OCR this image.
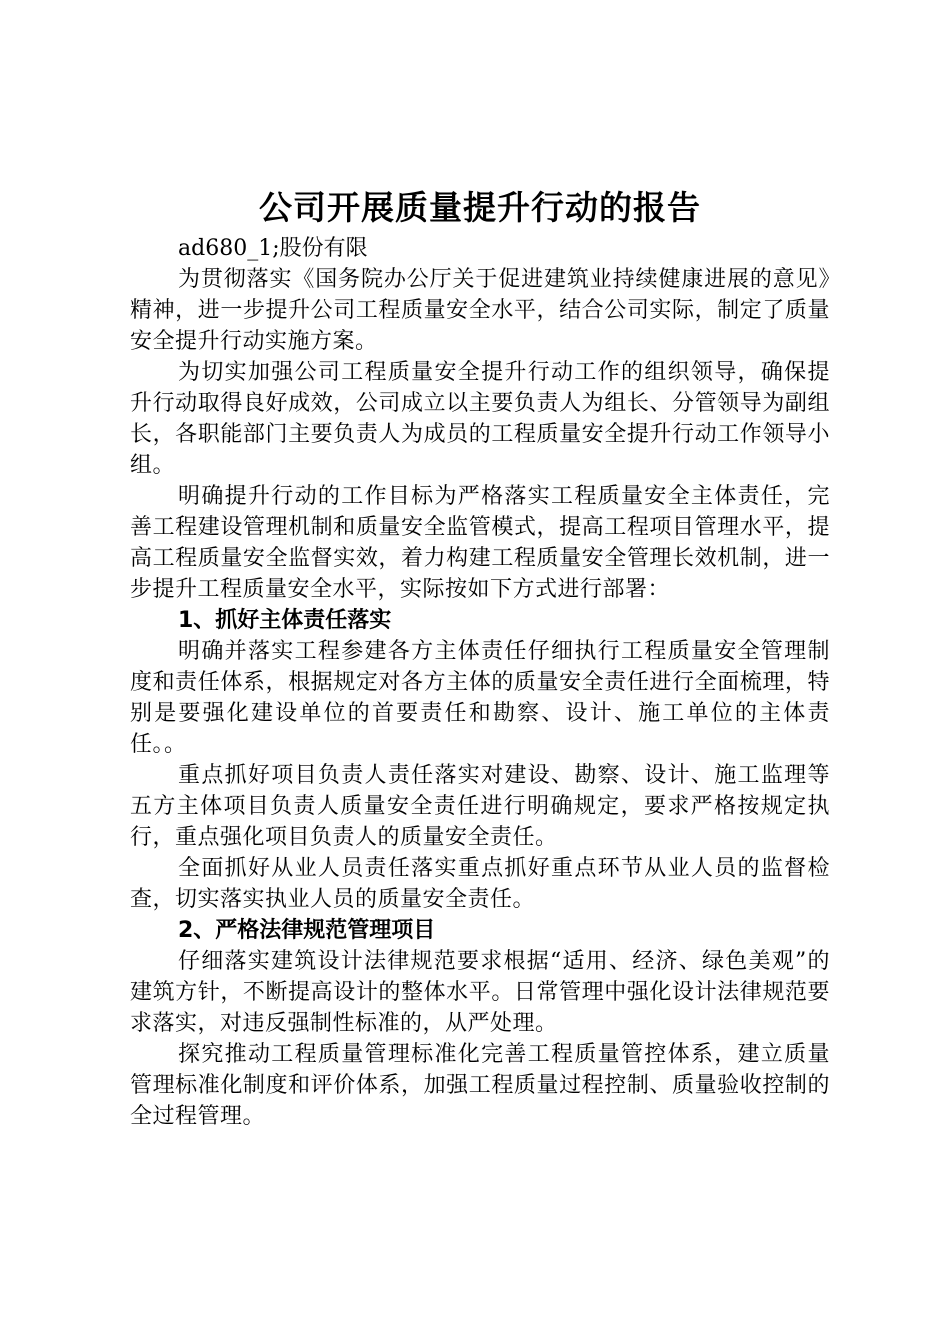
公司开展质量提升行动的报告

ad680_1;股份有限

为贯彻落实《国务院办公厅关于促进建筑业持续健康进展的意见》精神，进一步提升公司工程质量安全水平，结合公司实际，制定了质量安全提升行动实施方案。

为切实加强公司工程质量安全提升行动工作的组织领导，确保提升行动取得良好成效，公司成立以主要负责人为组长、分管领导为副组长，各职能部门主要负责人为成员的工程质量安全提升行动工作领导小组。

明确提升行动的工作目标为严格落实工程质量安全主体责任，完善工程建设管理机制和质量安全监管模式，提高工程项目管理水平，提高工程质量安全监督实效，着力构建工程质量安全管理长效机制，进一步提升工程质量安全水平，实际按如下方式进行部署：

1、抓好主体责任落实

明确并落实工程参建各方主体责任仔细执行工程质量安全管理制度和责任体系，根据规定对各方主体的质量安全责任进行全面梳理，特别是要强化建设单位的首要责任和勘察、设计、施工单位的主体责任。。

重点抓好项目负责人责任落实对建设、勘察、设计、施工监理等五方主体项目负责人质量安全责任进行明确规定，要求严格按规定执行，重点强化项目负责人的质量安全责任。

全面抓好从业人员责任落实重点抓好重点环节从业人员的监督检查，切实落实执业人员的质量安全责任。

2、严格法律规范管理项目

仔细落实建筑设计法律规范要求根据“适用、经济、绿色美观”的建筑方针，不断提高设计的整体水平。日常管理中强化设计法律规范要求落实，对违反强制性标准的，从严处理。

探究推动工程质量管理标准化完善工程质量管控体系，建立质量管理标准化制度和评价体系，加强工程质量过程控制、质量验收控制的全过程管理。
